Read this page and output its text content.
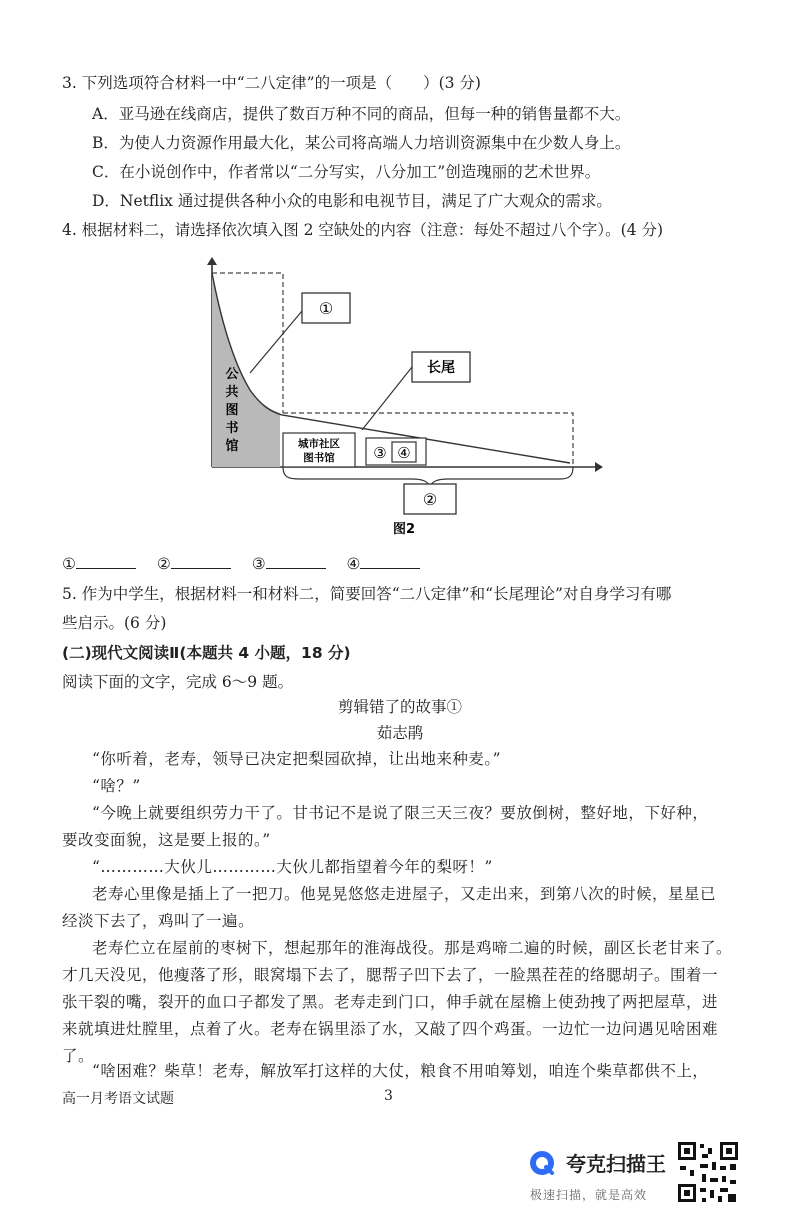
3. 下列选项符合材料一中“二八定律”的一项是（　　）(3 分)
A．亚马逊在线商店，提供了数百万种不同的商品，但每一种的销售量都不大。
B．为使人力资源作用最大化，某公司将高端人力培训资源集中在少数人身上。
C．在小说创作中，作者常以“二分写实，八分加工”创造瑰丽的艺术世界。
D．Netflix 通过提供各种小众的电影和电视节目，满足了广大观众的需求。
4. 根据材料二，请选择依次填入图 2 空缺处的内容（注意：每处不超过八个字）。(4 分)
城市社区
图书馆	③ ④
公
共
图
书
馆
①
长尾
②
图2
①	②	③	④
5. 作为中学生，根据材料一和材料二，简要回答“二八定律”和“长尾理论”对自身学习有哪
些启示。(6 分)
(二)现代文阅读Ⅱ(本题共 4 小题，18 分)
阅读下面的文字，完成 6～9 题。
剪辑错了的故事①
茹志鹃
“你听着，老寿，领导已决定把梨园砍掉，让出地来种麦。”
“啥？”
“今晚上就要组织劳力干了。甘书记不是说了限三天三夜？要放倒树，整好地，下好种，
要改变面貌，这是要上报的。”
“…………大伙儿…………大伙儿都指望着今年的梨呀！”
老寿心里像是插上了一把刀。他晃晃悠悠走进屋子，又走出来，到第八次的时候，星星已
经淡下去了，鸡叫了一遍。
老寿伫立在屋前的枣树下，想起那年的淮海战役。那是鸡啼二遍的时候，副区长老甘来了。
才几天没见，他瘦落了形，眼窝塌下去了，腮帮子凹下去了，一脸黑茬茬的络腮胡子。围着一
张干裂的嘴，裂开的血口子都发了黑。老寿走到门口，伸手就在屋檐上使劲拽了两把屋草，进
来就填进灶膛里，点着了火。老寿在锅里添了水，又敲了四个鸡蛋。一边忙一边问遇见啥困难
了。
“啥困难？柴草！老寿，解放军打这样的大仗，粮食不用咱筹划，咱连个柴草都供不上，
高一月考语文试题	3
夸克扫描王
极速扫描，就是高效
